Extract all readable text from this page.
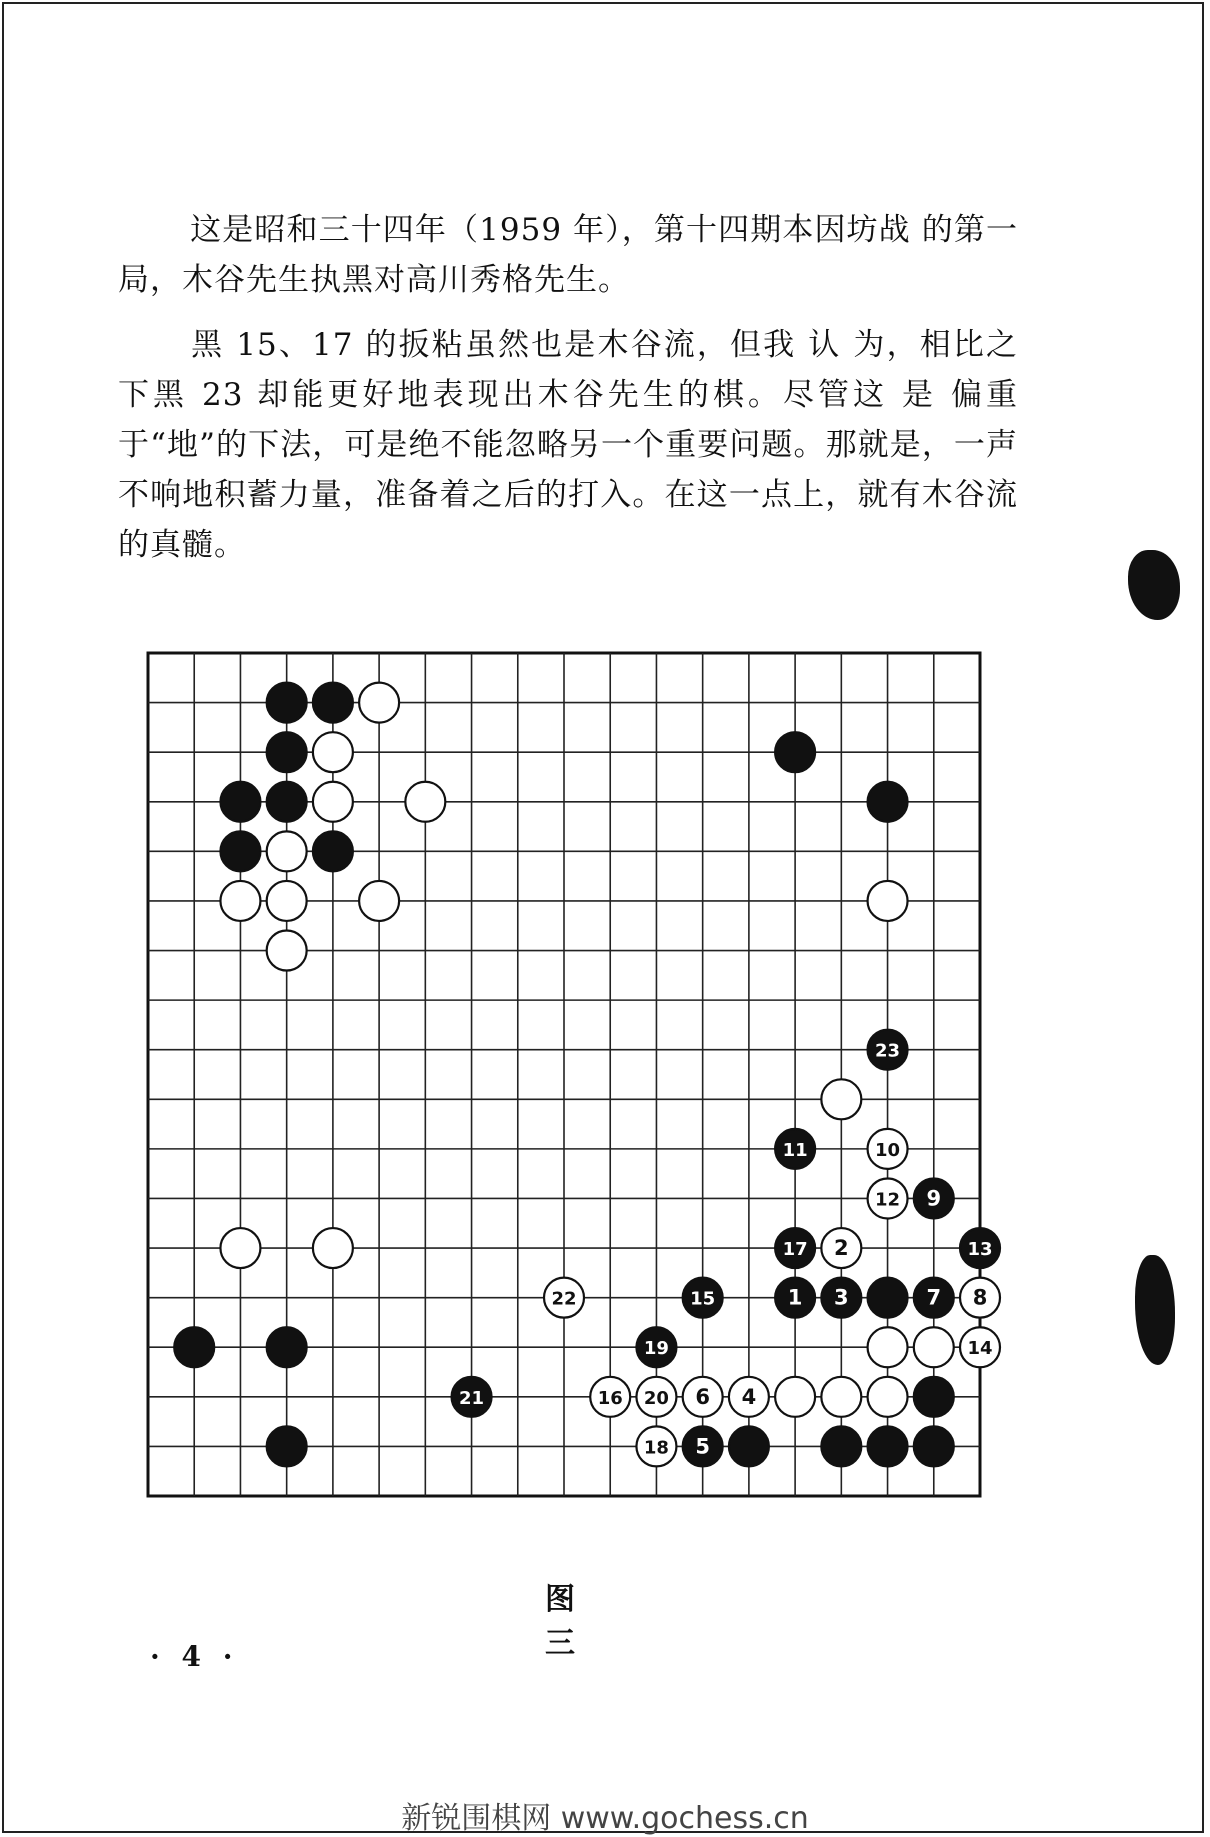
这是昭和三十四年（1959 年），第十四期本因坊战 的第一局，木谷先生执黑对高川秀格先生。

黑 15、17 的扳粘虽然也是木谷流，但我 认 为，相比之下黑 23 却能更好地表现出木谷先生的棋。尽管这 是 偏重于“地”的下法，可是绝不能忽略另一个重要问题。那就是，一声不响地积蓄力量，准备着之后的打入。在这一点上，就有木谷流的真髓。

23
11	10
12 9
17 2	13
22	15	1 3	7 8
19	14
21	16 20 6 4
18 5
图　三
· 4 ·
新锐围棋网 www.gochess.cn
